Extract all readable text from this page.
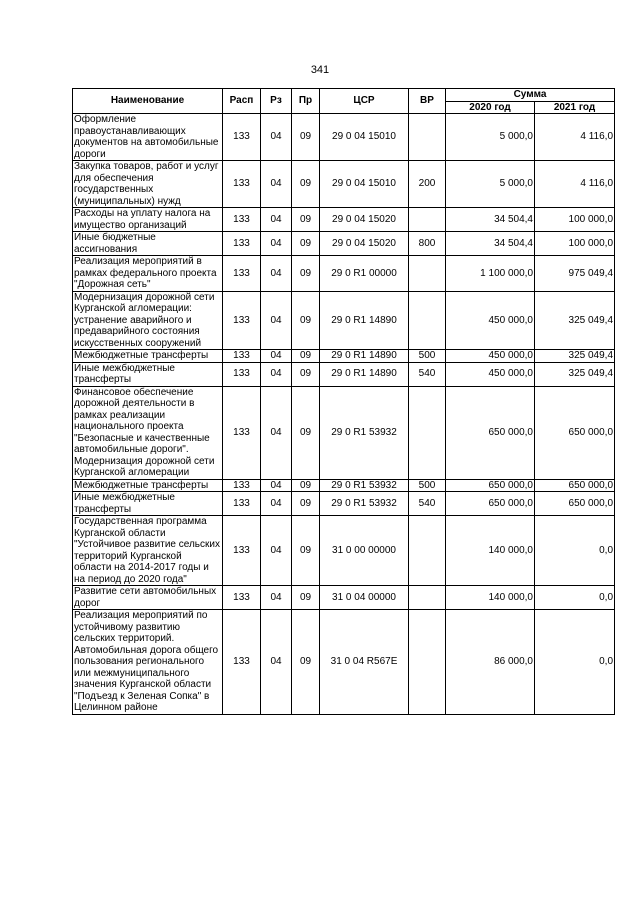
341
Наименование	Расп	Рз	Пр	ЦСР	ВР	Сумма	
						2020 год	2021 год
Оформление правоустанавливающих документов на автомобильные дороги	133	04	09	29 0 04 15010		5 000,0	4 116,0
Закупка товаров, работ и услуг для обеспечения государственных (муниципальных) нужд	133	04	09	29 0 04 15010	200	5 000,0	4 116,0
Расходы на уплату налога на имущество организаций	133	04	09	29 0 04 15020		34 504,4	100 000,0
Иные бюджетные ассигнования	133	04	09	29 0 04 15020	800	34 504,4	100 000,0
Реализация мероприятий в рамках федерального проекта "Дорожная сеть"	133	04	09	29 0 R1 00000		1 100 000,0	975 049,4
Модернизация дорожной сети Курганской агломерации: устранение аварийного и предаварийного состояния искусственных сооружений	133	04	09	29 0 R1 14890		450 000,0	325 049,4
Межбюджетные трансферты	133	04	09	29 0 R1 14890	500	450 000,0	325 049,4
Иные межбюджетные трансферты	133	04	09	29 0 R1 14890	540	450 000,0	325 049,4
Финансовое обеспечение дорожной деятельности в рамках реализации национального проекта "Безопасные и качественные автомобильные дороги". Модернизация дорожной сети Курганской агломерации	133	04	09	29 0 R1 53932		650 000,0	650 000,0
Межбюджетные трансферты	133	04	09	29 0 R1 53932	500	650 000,0	650 000,0
Иные межбюджетные трансферты	133	04	09	29 0 R1 53932	540	650 000,0	650 000,0
Государственная программа Курганской области "Устойчивое развитие сельских территорий Курганской области на 2014-2017 годы и на период до 2020 года"	133	04	09	31 0 00 00000		140 000,0	0,0
Развитие сети автомобильных дорог	133	04	09	31 0 04 00000		140 000,0	0,0
Реализация мероприятий по устойчивому развитию сельских территорий. Автомобильная дорога общего пользования регионального или межмуниципального значения Курганской области "Подъезд к Зеленая Сопка" в Целинном районе	133	04	09	31 0 04 R567E		86 000,0	0,0
